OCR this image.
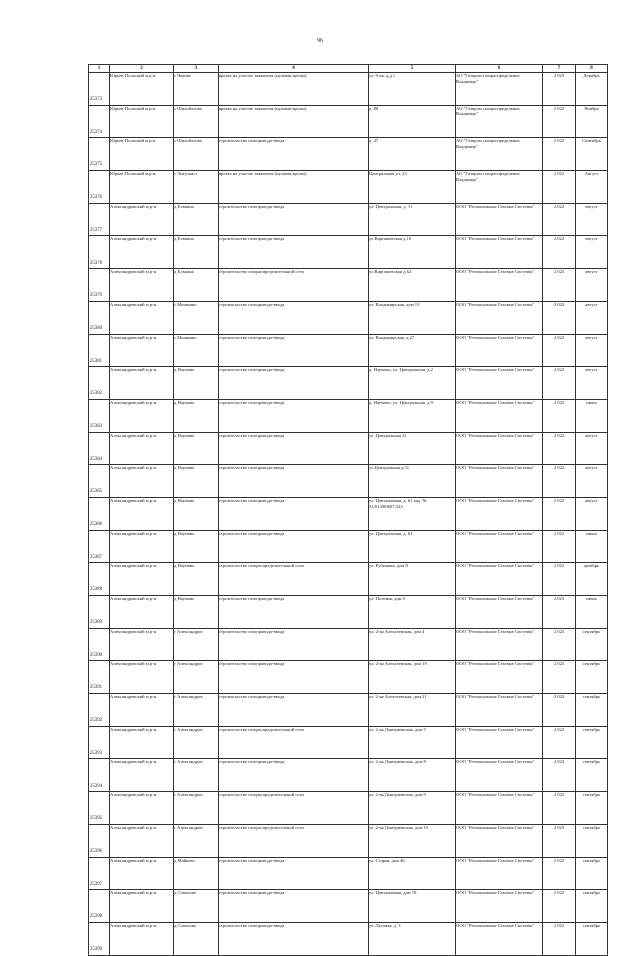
96
1	2	3	4	5	6	7	8

25373	Юрьев-Польский м.р-н	с Чеково	врезка на участке заявителя (нулевая врезка)	ул. 9-ая, д.д.1	АО "Газпром газораспределение Владимир"	2 023	Декабрь

25374	Юрьев-Польский м.р-н	с Шихобалово	врезка на участке заявителя (нулевая врезка)	д. 80	АО "Газпром газораспределение Владимир"	2 022	Ноябрь

25375	Юрьев-Польский м.р-н	с Шихобалово	строительство газопровода-ввода	д. 47	АО "Газпром газораспределение Владимир"	2 022	Сентябрь

25376	Юрьев-Польский м.р-н	с Энтузиаст	врезка на участке заявителя (нулевая врезка)	Центральная ул, 23	АО "Газпром газораспределение Владимир"	2 023	Август

25377	Александровский м.р-н	д Елькино	строительство газопровода-ввода	ул. Центральная, д. 11	ООО "Региональные Газовые Системы"	2 022	август

25378	Александровский м.р-н	д Елькино	строительство газопровода-ввода	ул.Варгашевская д.10	ООО "Региональные Газовые Системы"	2 022	август

25379	Александровский м.р-н	д Елькино	строительство газораспределительной сети	ул.Варгашевская д.62	ООО "Региональные Газовые Системы"	2 023	август

25380	Александровский м.р-н	с Мошнино	строительство газопровода-ввода	ул. Владимирская, дом 15	ООО "Региональные Газовые Системы"	2 023	август

25381	Александровский м.р-н	с Мошнино	строительство газопровода-ввода	ул. Владимирская, д.27	ООО "Региональные Газовые Системы"	2 022	август

25382	Александровский м.р-н	д Наумово	строительство газопровода-ввода	д. Наумово, ул. Центральная, д.2	ООО "Региональные Газовые Системы"	2 022	август

25383	Александровский м.р-н	д Наумово	строительство газопровода-ввода	д. Наумово, ул. Центральная, д.9	ООО "Региональные Газовые Системы"	2 023	июнь

25384	Александровский м.р-н	д Наумово	строительство газопровода-ввода	ул. Центральная 31	ООО "Региональные Газовые Системы"	2 022	август

25385	Александровский м.р-н	д Наумово	строительство газопровода-ввода	ул.Центральная д.51	ООО "Региональные Газовые Системы"	2 022	август

25386	Александровский м.р-н	д Наумово	строительство газопровода-ввода	ул. Центральная, д. 61 кад. № 33:01:000607:323	ООО "Региональные Газовые Системы"	2 022	август

25387	Александровский м.р-н	д Наумово	строительство газопровода-ввода	ул. Центральная, д. 63	ООО "Региональные Газовые Системы"	2 023	июнь

25388	Александровский м.р-н	д Наумово	строительство газораспределительной сети	ул. Рубежная, дом 8	ООО "Региональные Газовые Системы"	2 023	декабрь

25389	Александровский м.р-н	д Наумово	строительство газопровода-ввода	ул. Полевая, дом 5	ООО "Региональные Газовые Системы"	2 023	июнь

25390	Александровский м.р-н	г Александров	строительство газопровода-ввода	ул. 2-ая Алексеевская, дом 4	ООО "Региональные Газовые Системы"	2 023	сентябрь

25391	Александровский м.р-н	г Александров	строительство газопровода-ввода	ул. 2-ая Алексеевская, дом 19	ООО "Региональные Газовые Системы"	2 023	сентябрь

25392	Александровский м.р-н	г Александров	строительство газопровода-ввода	ул. 2-ая Алексеевская, дом 21	ООО "Региональные Газовые Системы"	2 023	сентябрь

25393	Александровский м.р-н	г Александров	строительство газораспределительной сети	ул. 2-ая Дмитриевская, дом 5	ООО "Региональные Газовые Системы"	2 022	сентябрь

25394	Александровский м.р-н	г Александров	строительство газопровода-ввода	ул. 2-ая Дмитриевская, дом 8	ООО "Региональные Газовые Системы"	2 023	сентябрь

25395	Александровский м.р-н	г Александров	строительство газораспределительной сети	ул. 2-ая Дмитриевская, дом 9	ООО "Региональные Газовые Системы"	2 023	сентябрь

25396	Александровский м.р-н	г Александров	строительство газораспределительной сети	ул. 2-ая Дмитриевская, дом 15	ООО "Региональные Газовые Системы"	2 023	сентябрь

25397	Александровский м.р-н	д Майково	строительство газопровода-ввода	ул. Старая, дом 46	ООО "Региональные Газовые Системы"	2 022	сентябрь

25398	Александровский м.р-н	д Соколово	строительство газопровода-ввода	ул. Центральная, дом 78	ООО "Региональные Газовые Системы"	2 022	сентябрь

25399	Александровский м.р-н	д Соколово	строительство газопровода-ввода	ул. Луговая, д. 3	ООО "Региональные Газовые Системы"	2 023	сентябрь
